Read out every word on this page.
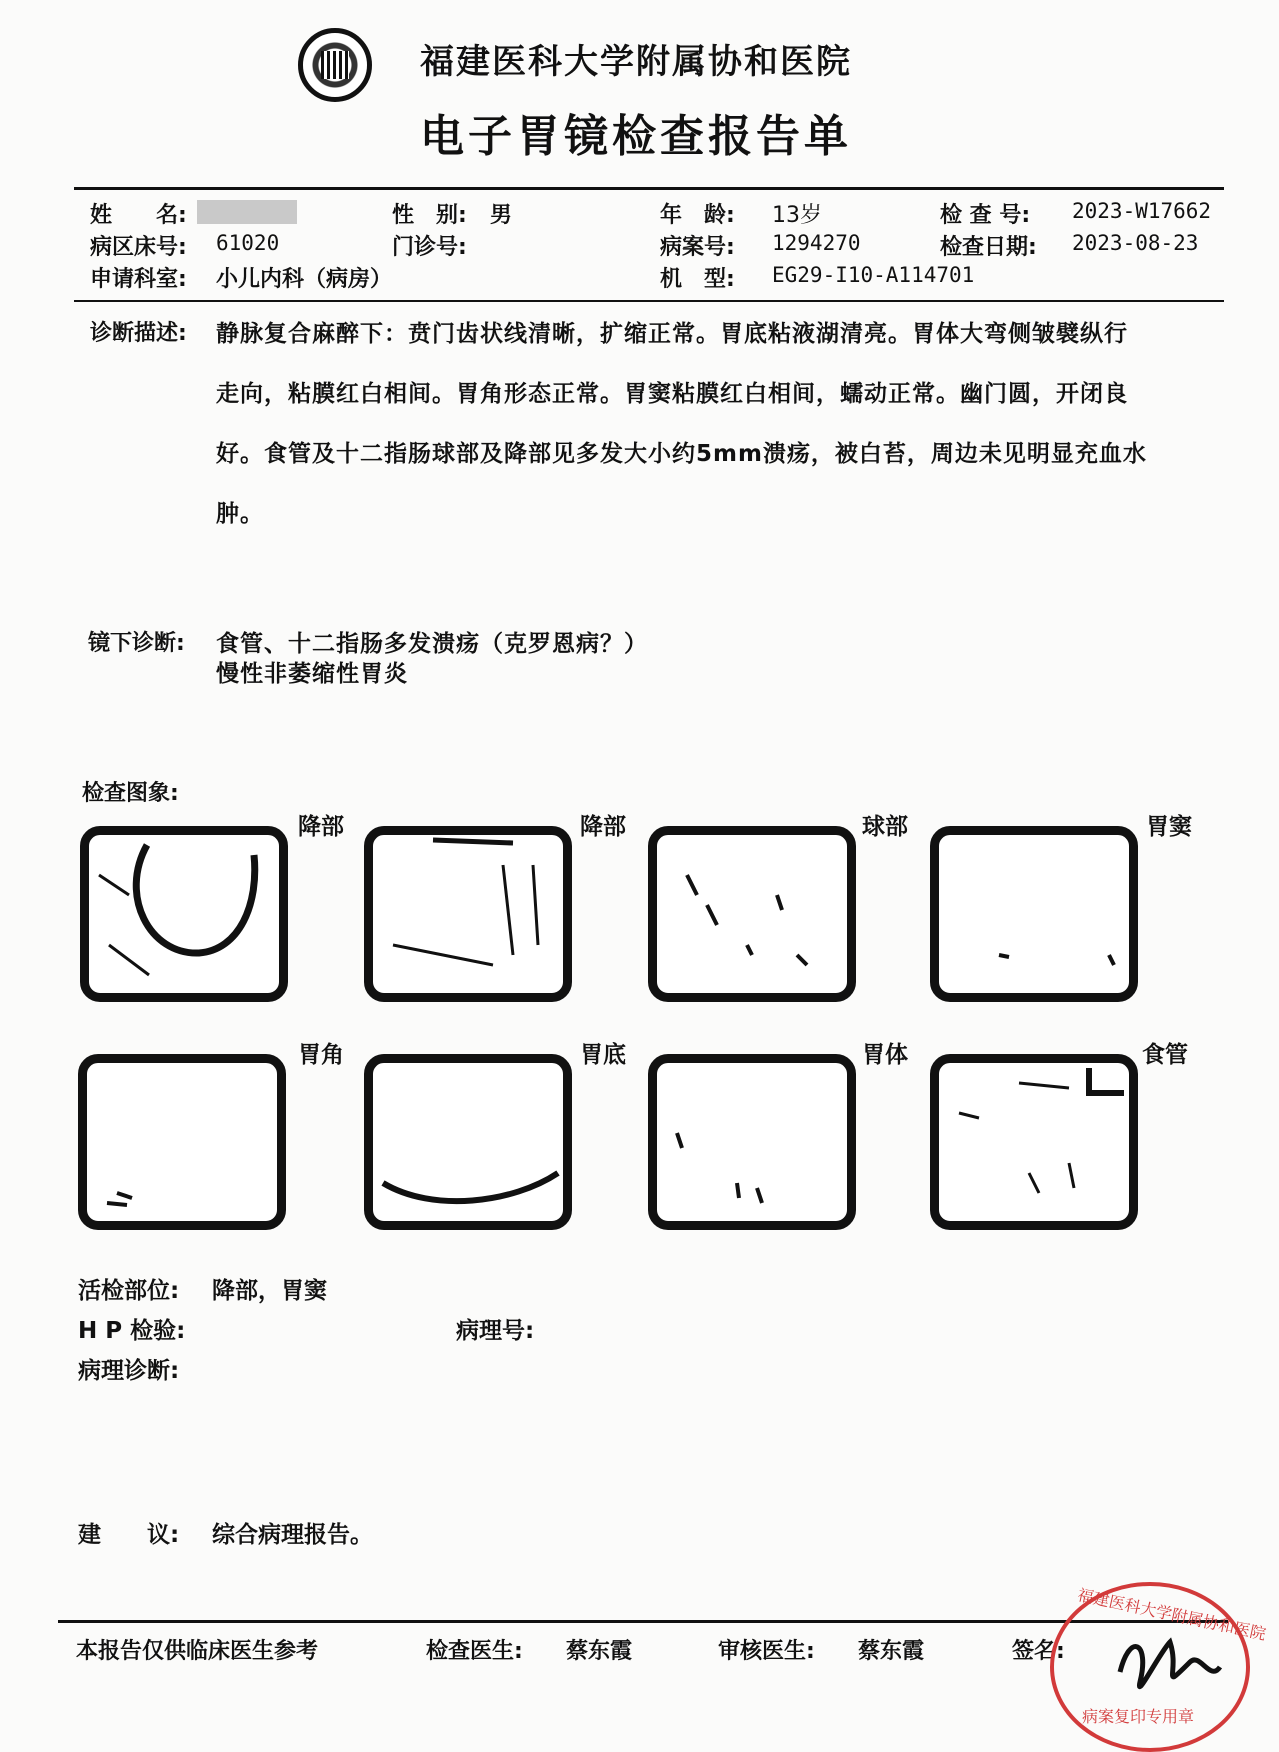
福建医科大学附属协和医院
电子胃镜检查报告单
姓　　名:	性　别: 男	年　龄: 13岁	检 查 号: 2023-W17662
病区床号: 61020	门诊号:	病案号: 1294270	检查日期: 2023-08-23
申请科室: 小儿内科（病房）	机　型: EG29-I10-A114701
诊断描述: 静脉复合麻醉下：贲门齿状线清晰，扩缩正常。胃底粘液湖清亮。胃体大弯侧皱襞纵行
走向，粘膜红白相间。胃角形态正常。胃窦粘膜红白相间，蠕动正常。幽门圆，开闭良
好。食管及十二指肠球部及降部见多发大小约5mm溃疡，被白苔，周边未见明显充血水
肿。
镜下诊断: 食管、十二指肠多发溃疡（克罗恩病？）
慢性非萎缩性胃炎
检查图象:
降部	降部	球部	胃窦
胃角	胃底	胃体	食管
活检部位: 降部，胃窦
H P 检验:	病理号:
病理诊断:
建　　议: 综合病理报告。
本报告仅供临床医生参考	检查医生: 蔡东霞	审核医生: 蔡东霞	签名:
福建医科大学附属协和医院
病案复印专用章
